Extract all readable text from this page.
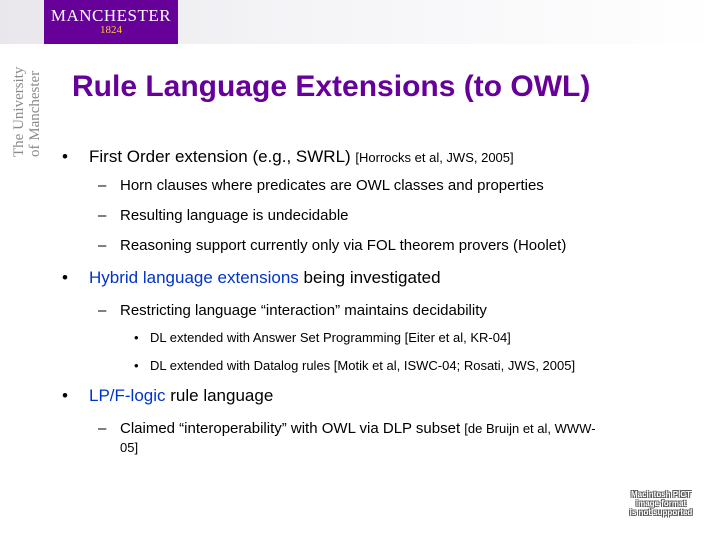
MANCHESTER
1824
The University of Manchester Rule Language Extensions (to OWL)
• First Order extension (e.g., SWRL) [Horrocks et al, JWS, 2005]
– Horn clauses where predicates are OWL classes and properties
– Resulting language is undecidable
– Reasoning support currently only via FOL theorem provers (Hoolet)
• Hybrid language extensions being investigated
– Restricting language “interaction” maintains decidability
• DL extended with Answer Set Programming [Eiter et al, KR-04]
• DL extended with Datalog rules [Motik et al, ISWC-04; Rosati, JWS, 2005]
• LP/F-logic rule language
– Claimed “interoperability” with OWL via DLP subset [de Bruijn et al, WWW-
05]
Macintosh PICT
image format
is not supported
